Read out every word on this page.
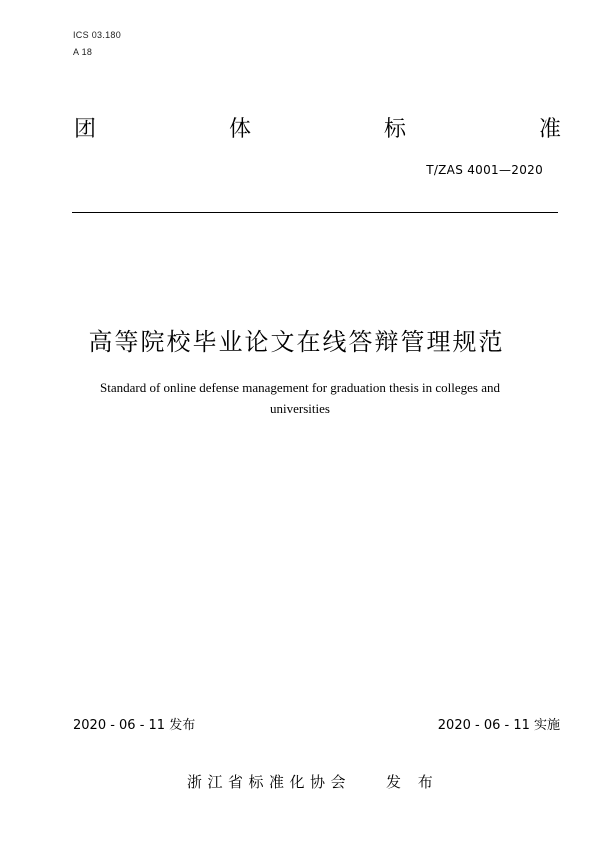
ICS 03.180
A 18
团	体	标	准
T/ZAS 4001—2020
高等院校毕业论文在线答辩管理规范
Standard of online defense management for graduation thesis in colleges and universities
2020 - 06 - 11 发布	2020 - 06 - 11 实施
浙江省标准化协会 发 布
